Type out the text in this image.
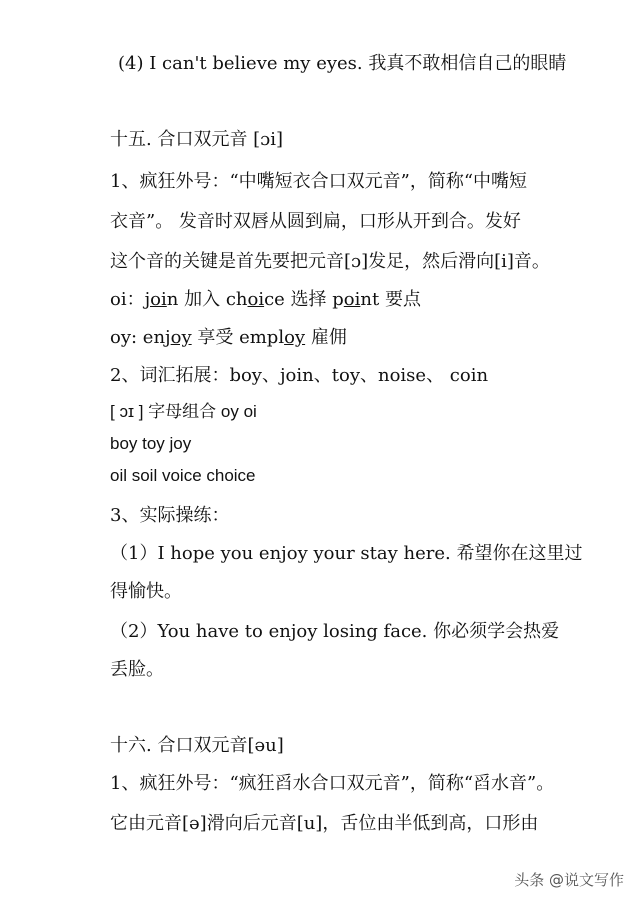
(4) I can't believe my eyes. 我真不敢相信自己的眼睛
十五. 合口双元音 [ɔi]
1、疯狂外号：“中嘴短衣合口双元音”，简称“中嘴短
衣音”。 发音时双唇从圆到扁，口形从开到合。发好
这个音的关键是首先要把元音[ɔ]发足，然后滑向[i]音。
oi：join 加入 choice 选择 point 要点
oy: enjoy 享受 employ 雇佣
2、词汇拓展：boy、join、toy、noise、 coin
[ ɔɪ ] 字母组合 oy oi
boy toy joy
oil soil voice choice
3、实际操练：
（1）I hope you enjoy your stay here. 希望你在这里过
得愉快。
（2）You have to enjoy losing face. 你必须学会热爱
丢脸。
十六. 合口双元音[əu]
1、疯狂外号：“疯狂舀水合口双元音”，简称“舀水音”。
它由元音[ə]滑向后元音[u]，舌位由半低到高，口形由
头条 @说文写作
